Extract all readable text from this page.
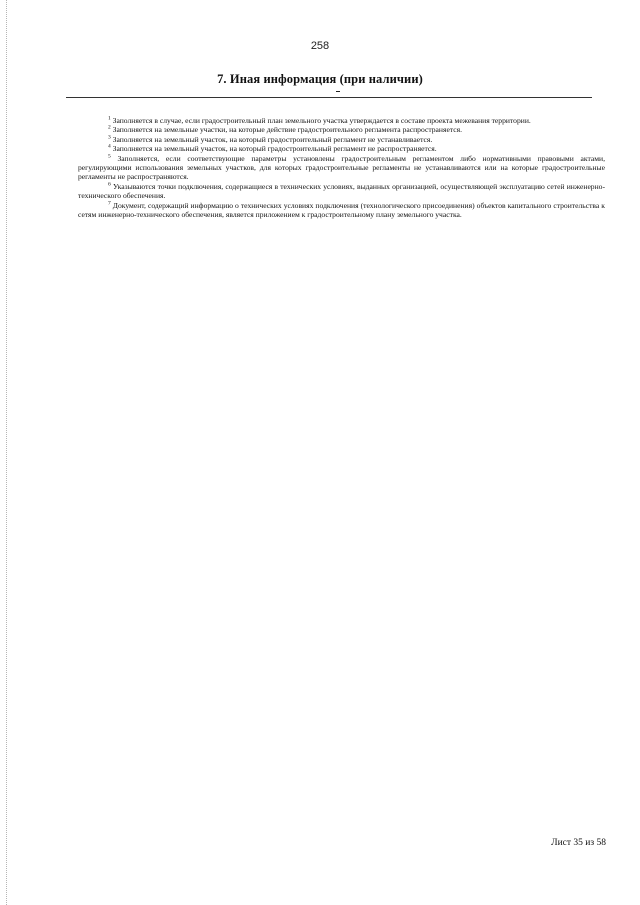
258
7. Иная информация (при наличии)

$^1$ Заполняется в случае, если градостроительный план земельного участка утверждается в составе проекта межевания территории.

$^2$ Заполняется на земельные участки, на которые действие градостроительного регламента распространяется.

$^3$ Заполняется на земельный участок, на который градостроительный регламент не устанавливается.

$^4$ Заполняется на земельный участок, на который градостроительный регламент не распространяется.

$^5$ Заполняется, если соответствующие параметры установлены градостроительным регламентом либо нормативными правовыми актами, регулирующими использования земельных участков, для которых градостроительные регламенты не устанавливаются или на которые градостроительные регламенты не распространяются.

$^6$ Указываются точки подключения, содержащиеся в технических условиях, выданных организацией, осуществляющей эксплуатацию сетей инженерно-технического обеспечения.

$^7$ Документ, содержащий информацию о технических условиях подключения (технологического присоединения) объектов капитального строительства к сетям инженерно-технического обеспечения, является приложением к градостроительному плану земельного участка.

Лист 35 из 58
